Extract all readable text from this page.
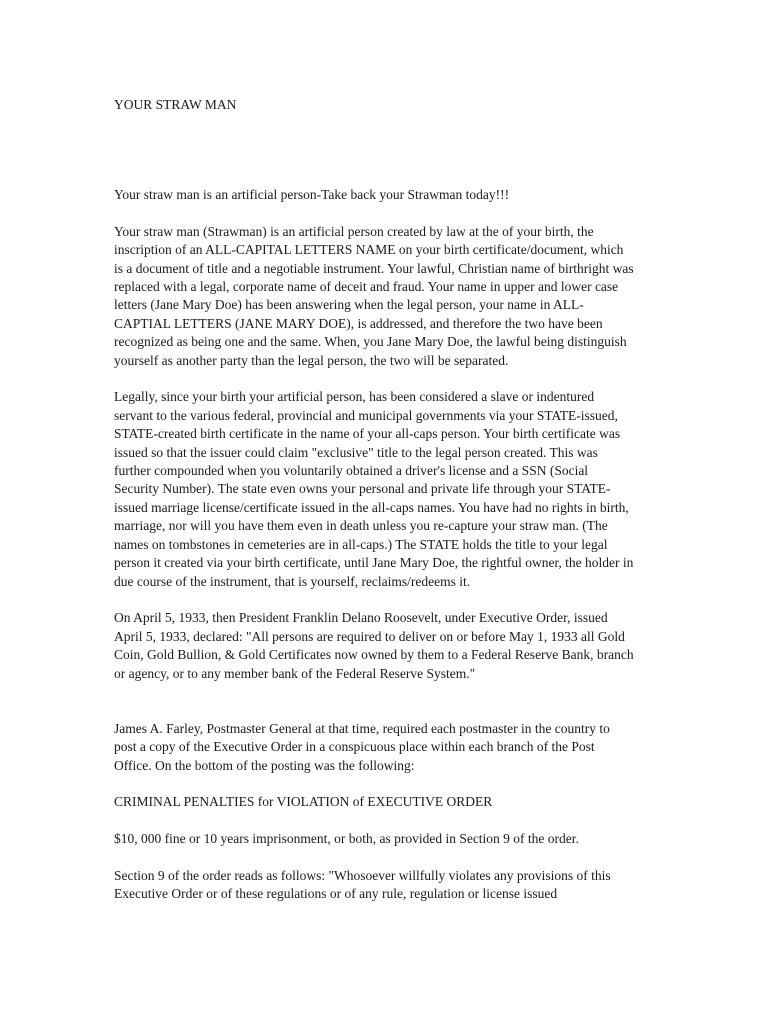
YOUR STRAW MAN

Your straw man is an artificial person-Take back your Strawman today!!!

Your straw man (Strawman) is an artificial person created by law at the of your birth, the inscription of an ALL-CAPITAL LETTERS NAME on your birth certificate/document, which is a document of title and a negotiable instrument. Your lawful, Christian name of birthright was replaced with a legal, corporate name of deceit and fraud. Your name in upper and lower case letters (Jane Mary Doe) has been answering when the legal person, your name in ALL-CAPTIAL LETTERS (JANE MARY DOE), is addressed, and therefore the two have been recognized as being one and the same. When, you Jane Mary Doe, the lawful being distinguish yourself as another party than the legal person, the two will be separated.

Legally, since your birth your artificial person, has been considered a slave or indentured servant to the various federal, provincial and municipal governments via your STATE-issued, STATE-created birth certificate in the name of your all-caps person. Your birth certificate was issued so that the issuer could claim "exclusive" title to the legal person created. This was further compounded when you voluntarily obtained a driver's license and a SSN (Social Security Number). The state even owns your personal and private life through your STATE-issued marriage license/certificate issued in the all-caps names. You have had no rights in birth, marriage, nor will you have them even in death unless you re-capture your straw man. (The names on tombstones in cemeteries are in all-caps.) The STATE holds the title to your legal person it created via your birth certificate, until Jane Mary Doe, the rightful owner, the holder in due course of the instrument, that is yourself, reclaims/redeems it.

On April 5, 1933, then President Franklin Delano Roosevelt, under Executive Order, issued April 5, 1933, declared: "All persons are required to deliver on or before May 1, 1933 all Gold Coin, Gold Bullion, & Gold Certificates now owned by them to a Federal Reserve Bank, branch or agency, or to any member bank of the Federal Reserve System."

James A. Farley, Postmaster General at that time, required each postmaster in the country to post a copy of the Executive Order in a conspicuous place within each branch of the Post Office. On the bottom of the posting was the following:

CRIMINAL PENALTIES for VIOLATION of EXECUTIVE ORDER

$10, 000 fine or 10 years imprisonment, or both, as provided in Section 9 of the order.

Section 9 of the order reads as follows: "Whosoever willfully violates any provisions of this Executive Order or of these regulations or of any rule, regulation or license issued
